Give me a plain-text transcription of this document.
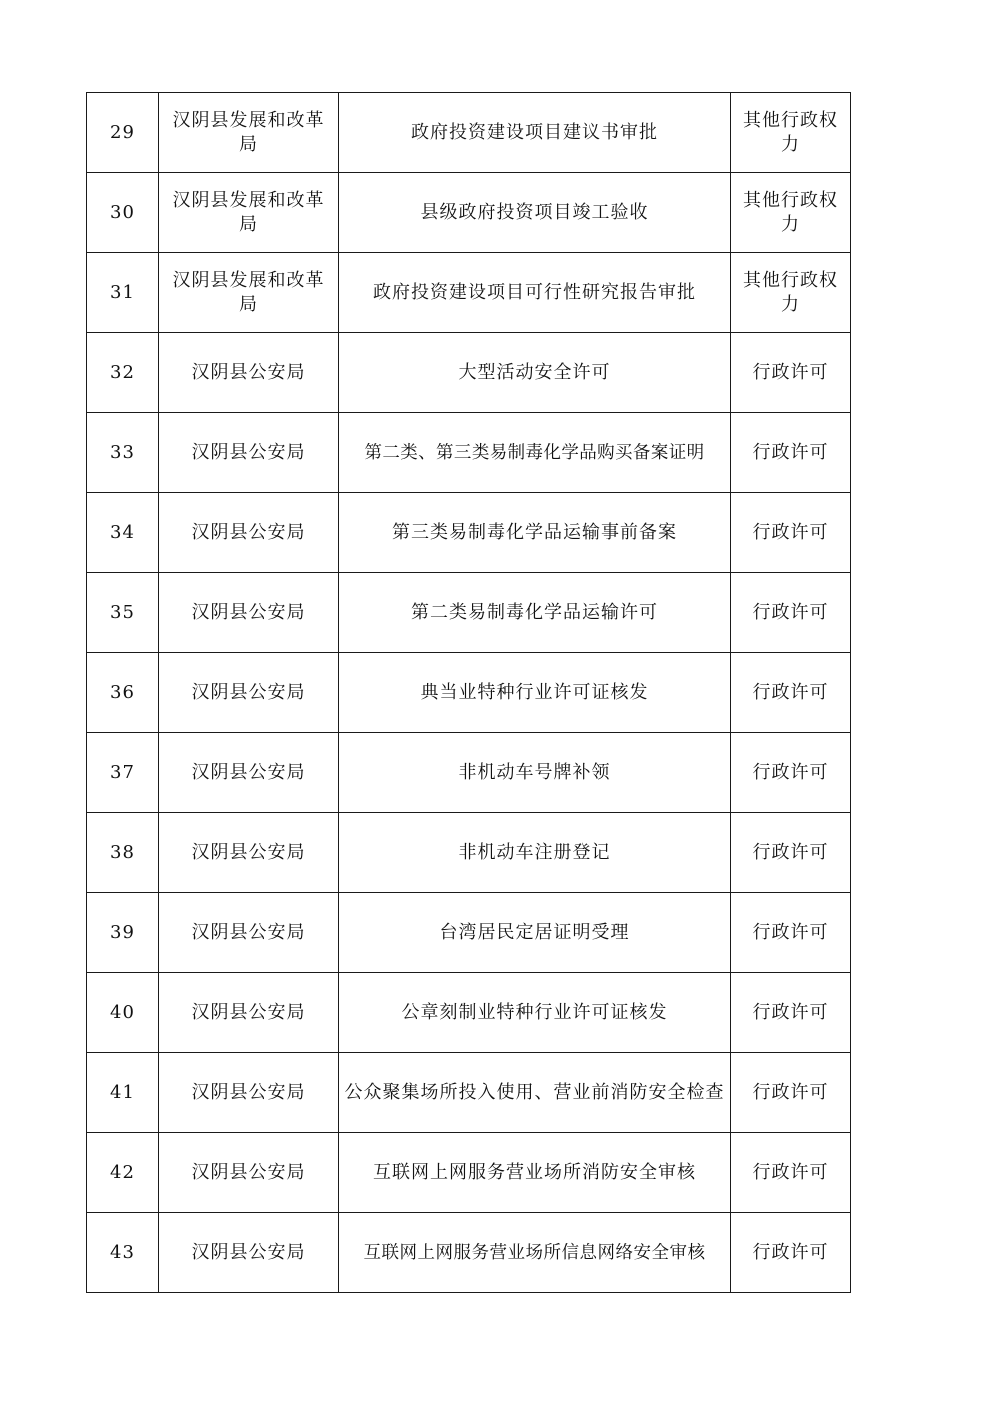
29	汉阴县发展和改革局	政府投资建设项目建议书审批	其他行政权力

30	汉阴县发展和改革局	县级政府投资项目竣工验收	其他行政权力

31	汉阴县发展和改革局	政府投资建设项目可行性研究报告审批	其他行政权力

32	汉阴县公安局	大型活动安全许可	行政许可
33	汉阴县公安局	第二类、第三类易制毒化学品购买备案证明	行政许可
34	汉阴县公安局	第三类易制毒化学品运输事前备案	行政许可
35	汉阴县公安局	第二类易制毒化学品运输许可	行政许可
36	汉阴县公安局	典当业特种行业许可证核发	行政许可
37	汉阴县公安局	非机动车号牌补领	行政许可
38	汉阴县公安局	非机动车注册登记	行政许可
39	汉阴县公安局	台湾居民定居证明受理	行政许可
40	汉阴县公安局	公章刻制业特种行业许可证核发	行政许可
41	汉阴县公安局	公众聚集场所投入使用、营业前消防安全检查	行政许可
42	汉阴县公安局	互联网上网服务营业场所消防安全审核	行政许可
43	汉阴县公安局	互联网上网服务营业场所信息网络安全审核	行政许可
